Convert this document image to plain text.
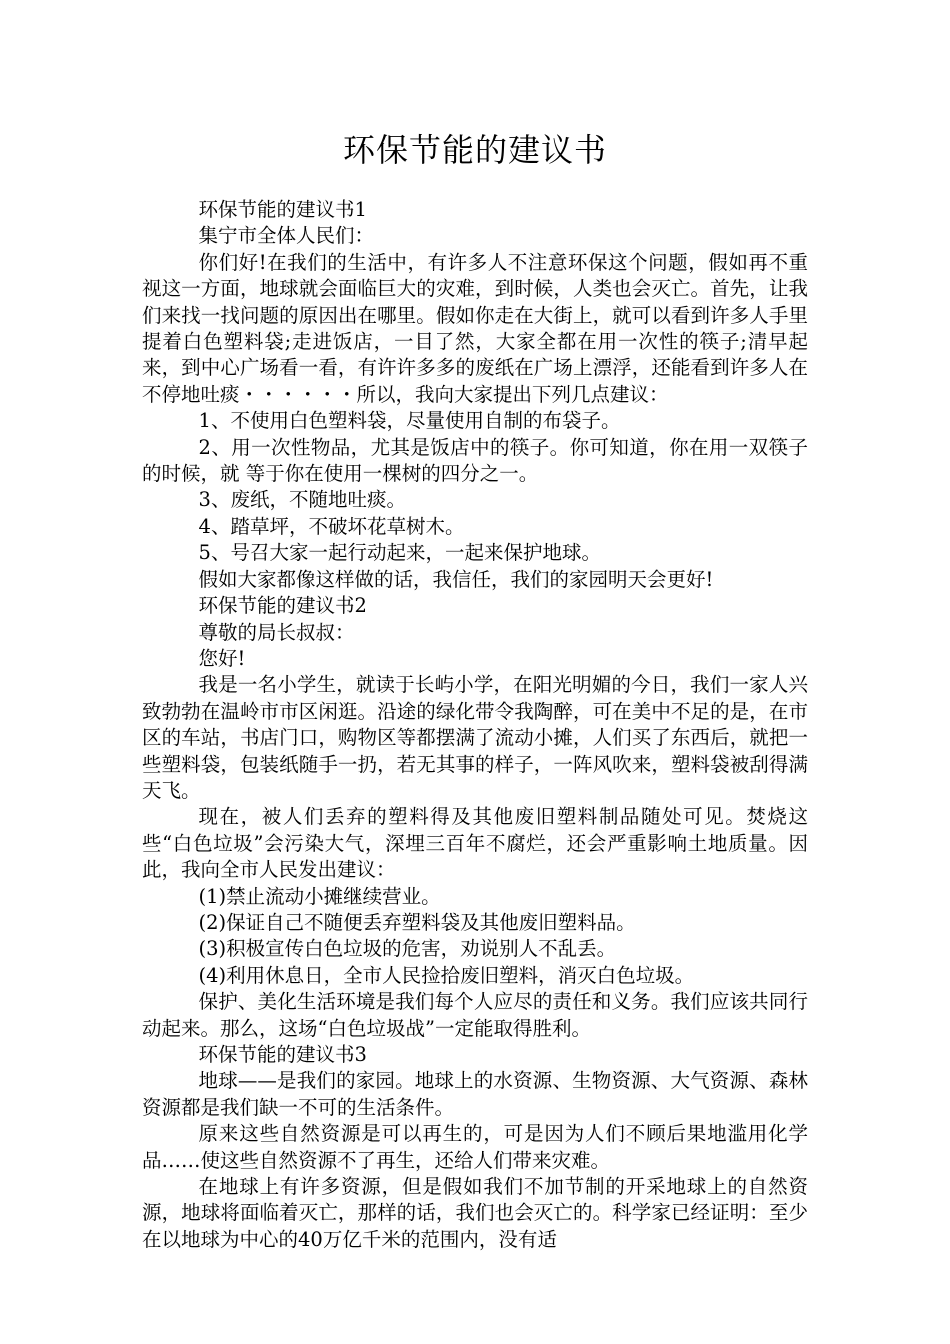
环保节能的建议书

环保节能的建议书1

集宁市全体人民们：

你们好!在我们的生活中，有许多人不注意环保这个问题，假如再不重视这一方面，地球就会面临巨大的灾难，到时候，人类也会灭亡。首先，让我们来找一找问题的原因出在哪里。假如你走在大街上，就可以看到许多人手里提着白色塑料袋;走进饭店，一目了然，大家全都在用一次性的筷子;清早起来，到中心广场看一看，有许许多多的废纸在广场上漂浮，还能看到许多人在不停地吐痰・・・・・・所以，我向大家提出下列几点建议：

1、不使用白色塑料袋，尽量使用自制的布袋子。

2、用一次性物品，尤其是饭店中的筷子。你可知道，你在用一双筷子的时候，就 等于你在使用一棵树的四分之一。

3、废纸，不随地吐痰。

4、踏草坪，不破坏花草树木。

5、号召大家一起行动起来，一起来保护地球。

假如大家都像这样做的话，我信任，我们的家园明天会更好!

环保节能的建议书2

尊敬的局长叔叔：

您好!

我是一名小学生，就读于长屿小学，在阳光明媚的今日，我们一家人兴致勃勃在温岭市市区闲逛。沿途的绿化带令我陶醉，可在美中不足的是，在市区的车站，书店门口，购物区等都摆满了流动小摊，人们买了东西后，就把一些塑料袋，包装纸随手一扔，若无其事的样子，一阵风吹来，塑料袋被刮得满天飞。

现在，被人们丢弃的塑料得及其他废旧塑料制品随处可见。焚烧这些“白色垃圾”会污染大气，深埋三百年不腐烂，还会严重影响土地质量。因此，我向全市人民发出建议：

(1)禁止流动小摊继续营业。

(2)保证自己不随便丢弃塑料袋及其他废旧塑料品。

(3)积极宣传白色垃圾的危害，劝说别人不乱丢。

(4)利用休息日，全市人民捡拾废旧塑料，消灭白色垃圾。

保护、美化生活环境是我们每个人应尽的责任和义务。我们应该共同行动起来。那么，这场“白色垃圾战”一定能取得胜利。

环保节能的建议书3

地球——是我们的家园。地球上的水资源、生物资源、大气资源、森林资源都是我们缺一不可的生活条件。

原来这些自然资源是可以再生的，可是因为人们不顾后果地滥用化学品……使这些自然资源不了再生，还给人们带来灾难。

在地球上有许多资源，但是假如我们不加节制的开采地球上的自然资源，地球将面临着灭亡，那样的话，我们也会灭亡的。科学家已经证明：至少在以地球为中心的40万亿千米的范围内，没有适
